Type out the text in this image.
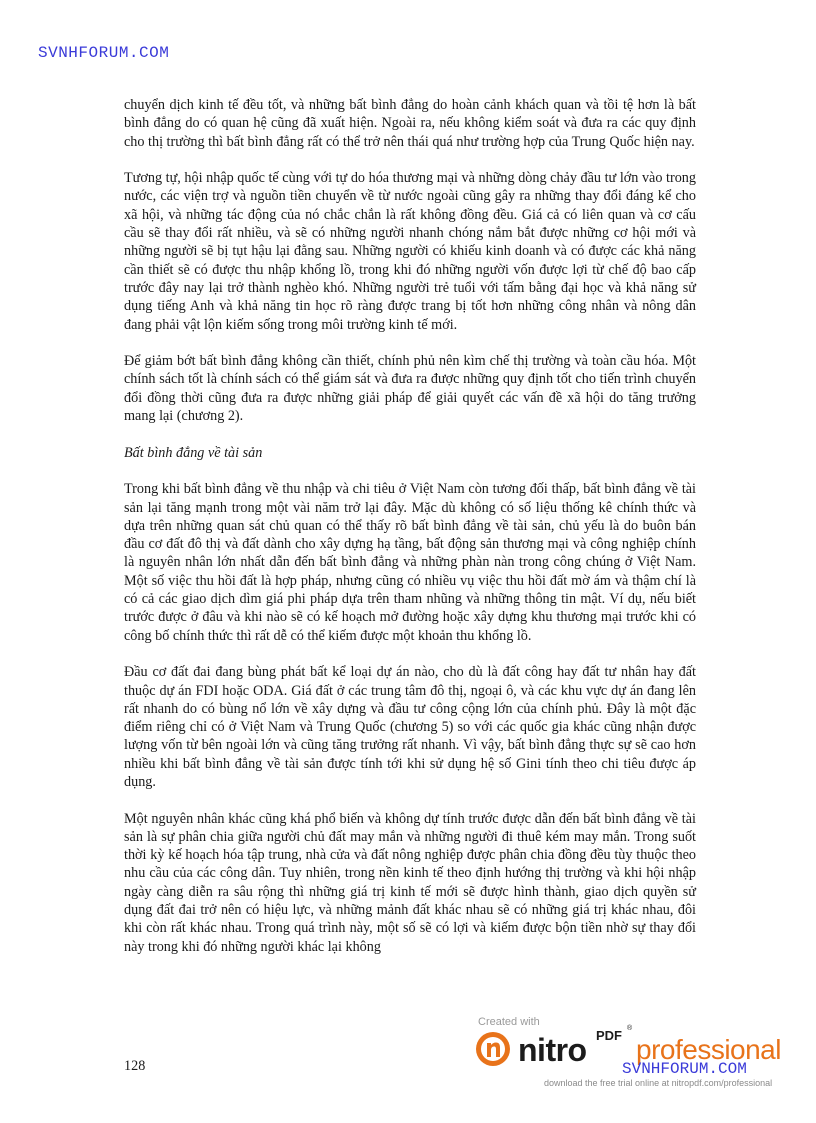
SVNHFORUM.COM

chuyển dịch kinh tế đều tốt, và những bất bình đẳng do hoàn cảnh khách quan và tồi tệ hơn là bất bình đẳng do có quan hệ cũng đã xuất hiện. Ngoài ra, nếu không kiểm soát và đưa ra các quy định cho thị trường thì bất bình đẳng rất có thể trở nên thái quá như trường hợp của Trung Quốc hiện nay.

Tương tự, hội nhập quốc tế cùng với tự do hóa thương mại và những dòng chảy đầu tư lớn vào trong nước, các viện trợ và nguồn tiền chuyển về từ nước ngoài cũng gây ra những thay đổi đáng kể cho xã hội, và những tác động của nó chắc chắn là rất không đồng đều. Giá cả có liên quan và cơ cấu cầu sẽ thay đổi rất nhiều, và sẽ có những người nhanh chóng nắm bắt được những cơ hội mới và những người sẽ bị tụt hậu lại đằng sau. Những người có khiếu kinh doanh và có được các khả năng cần thiết sẽ có được thu nhập khổng lồ, trong khi đó những người vốn được lợi từ chế độ bao cấp trước đây nay lại trở thành nghèo khó. Những người trẻ tuổi với tấm bằng đại học và khả năng sử dụng tiếng Anh và khả năng tin học rõ ràng được trang bị tốt hơn những công nhân và nông dân đang phải vật lộn kiếm sống trong môi trường kinh tế mới.

Để giảm bớt bất bình đẳng không cần thiết, chính phủ nên kìm chế thị trường và toàn cầu hóa. Một chính sách tốt là chính sách có thể giám sát và đưa ra được những quy định tốt cho tiến trình chuyển đổi đồng thời cũng đưa ra được những giải pháp để giải quyết các vấn đề xã hội do tăng trưởng mang lại (chương 2).

Bất bình đẳng về tài sản

Trong khi bất bình đẳng về thu nhập và chi tiêu ở Việt Nam còn tương đối thấp, bất bình đẳng về tài sản lại tăng mạnh trong một vài năm trở lại đây. Mặc dù không có số liệu thống kê chính thức và dựa trên những quan sát chủ quan có thể thấy rõ bất bình đẳng về tài sản, chủ yếu là do buôn bán đầu cơ đất đô thị và đất dành cho xây dựng hạ tầng, bất động sản thương mại và công nghiệp chính là nguyên nhân lớn nhất dẫn đến bất bình đẳng và những phàn nàn trong công chúng ở Việt Nam. Một số việc thu hồi đất là hợp pháp, nhưng cũng có nhiều vụ việc thu hồi đất mờ ám và thậm chí là có cả các giao dịch dìm giá phi pháp dựa trên tham nhũng và những thông tin mật. Ví dụ, nếu biết trước được ở đâu và khi nào sẽ có kế hoạch mở đường hoặc xây dựng khu thương mại trước khi có công bố chính thức thì rất dễ có thể kiếm được một khoản thu khổng lồ.

Đầu cơ đất đai đang bùng phát bất kể loại dự án nào, cho dù là đất công hay đất tư nhân hay đất thuộc dự án FDI hoặc ODA. Giá đất ở các trung tâm đô thị, ngoại ô, và các khu vực dự án đang lên rất nhanh do có bùng nổ lớn về xây dựng và đầu tư công cộng lớn của chính phủ. Đây là một đặc điểm riêng chỉ có ở Việt Nam và Trung Quốc (chương 5) so với các quốc gia khác cũng nhận được lượng vốn từ bên ngoài lớn và cũng tăng trưởng rất nhanh. Vì vậy, bất bình đẳng thực sự sẽ cao hơn nhiều khi bất bình đẳng về tài sản được tính tới khi sử dụng hệ số Gini tính theo chi tiêu được áp dụng.

Một nguyên nhân khác cũng khá phổ biến và không dự tính trước được dẫn đến bất bình đẳng về tài sản là sự phân chia giữa người chủ đất may mắn và những người đi thuê kém may mắn. Trong suốt thời kỳ kế hoạch hóa tập trung, nhà cửa và đất nông nghiệp được phân chia đồng đều tùy thuộc theo nhu cầu của các công dân. Tuy nhiên, trong nền kinh tế theo định hướng thị trường và khi hội nhập ngày càng diễn ra sâu rộng thì những giá trị kinh tế mới sẽ được hình thành, giao dịch quyền sử dụng đất đai trở nên có hiệu lực, và những mảnh đất khác nhau sẽ có những giá trị khác nhau, đôi khi còn rất khác nhau. Trong quá trình này, một số sẽ có lợi và kiếm được bộn tiền nhờ sự thay đổi này trong khi đó những người khác lại không

128
Created with
nitro PDF ®
professional
SVNHFORUM.COM
download the free trial online at nitropdf.com/professional
